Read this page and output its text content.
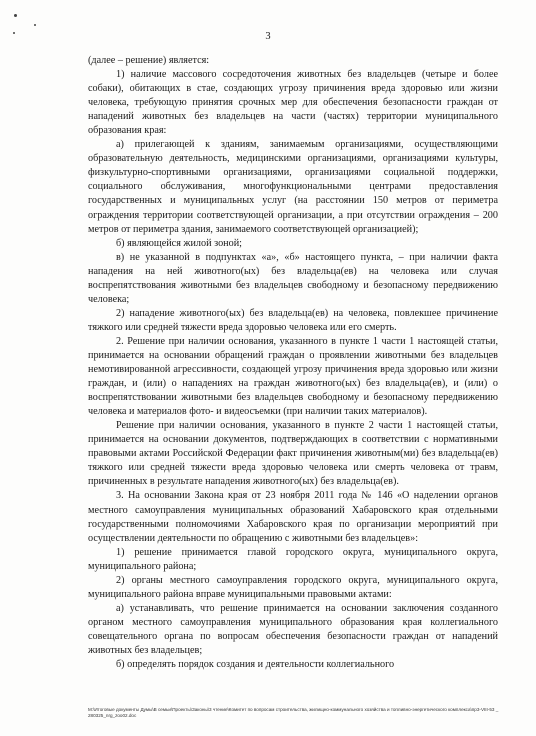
3

(далее – решение) является:

1) наличие массового сосредоточения животных без владельцев (четыре и более собаки), обитающих в стае, создающих угрозу причинения вреда здоровью или жизни человека, требующую принятия срочных мер для обеспечения безопасности граждан от нападений животных без владельцев на части (частях) территории муниципального образования края:

а) прилегающей к зданиям, занимаемым организациями, осуществляющими образовательную деятельность, медицинскими организациями, организациями культуры, физкультурно-спортивными организациями, организациями социальной поддержки, социального обслуживания, многофункциональными центрами предоставления государственных и муниципальных услуг (на расстоянии 150 метров от периметра ограждения территории соответствующей организации, а при отсутствии ограждения – 200 метров от периметра здания, занимаемого соответствующей организацией);

б) являющейся жилой зоной;

в) не указанной в подпунктах «а», «б» настоящего пункта, – при наличии факта нападения на ней животного(ых) без владельца(ев) на человека или случая воспрепятствования животными без владельцев свободному и безопасному передвижению человека;

2) нападение животного(ых) без владельца(ев) на человека, повлекшее причинение тяжкого или средней тяжести вреда здоровью человека или его смерть.

2. Решение при наличии основания, указанного в пункте 1 части 1 настоящей статьи, принимается на основании обращений граждан о проявлении животными без владельцев немотивированной агрессивности, создающей угрозу причинения вреда здоровью или жизни граждан, и (или) о нападениях на граждан животного(ых) без владельца(ев), и (или) о воспрепятствовании животными без владельцев свободному и безопасному передвижению человека и материалов фото- и видеосъемки (при наличии таких материалов).

Решение при наличии основания, указанного в пункте 2 части 1 настоящей статьи, принимается на основании документов, подтверждающих в соответствии с нормативными правовыми актами Российской Федерации факт причинения животным(ми) без владельца(ев) тяжкого или средней тяжести вреда здоровью человека или смерть человека от травм, причиненных в результате нападения животного(ых) без владельца(ев).

3. На основании Закона края от 23 ноября 2011 года № 146 «О наделении органов местного самоуправления муниципальных образований Хабаровского края отдельными государственными полномочиями Хабаровского края по организации мероприятий при осуществлении деятельности по обращению с животными без владельцев»:

1) решение принимается главой городского округа, муниципального округа, муниципального района;

2) органы местного самоуправления городского округа, муниципального округа, муниципального района вправе муниципальными правовыми актами:

а) устанавливать, что решение принимается на основании заключения созданного органом местного самоуправления муниципального образования края коллегиального совещательного органа по вопросам обеспечения безопасности граждан от нападений животных без владельцев;

б) определять порядок создания и деятельности коллегиального

M:\Итоговые документы Думы\В семьи\Проекты\Законы\3 чтение\Комитет по вопросам строительства, жилищно-коммунального хозяйства и топливно-энергетического комплекса\пр3-VIII-53 _ 280325_nrg_zoo02.doc
